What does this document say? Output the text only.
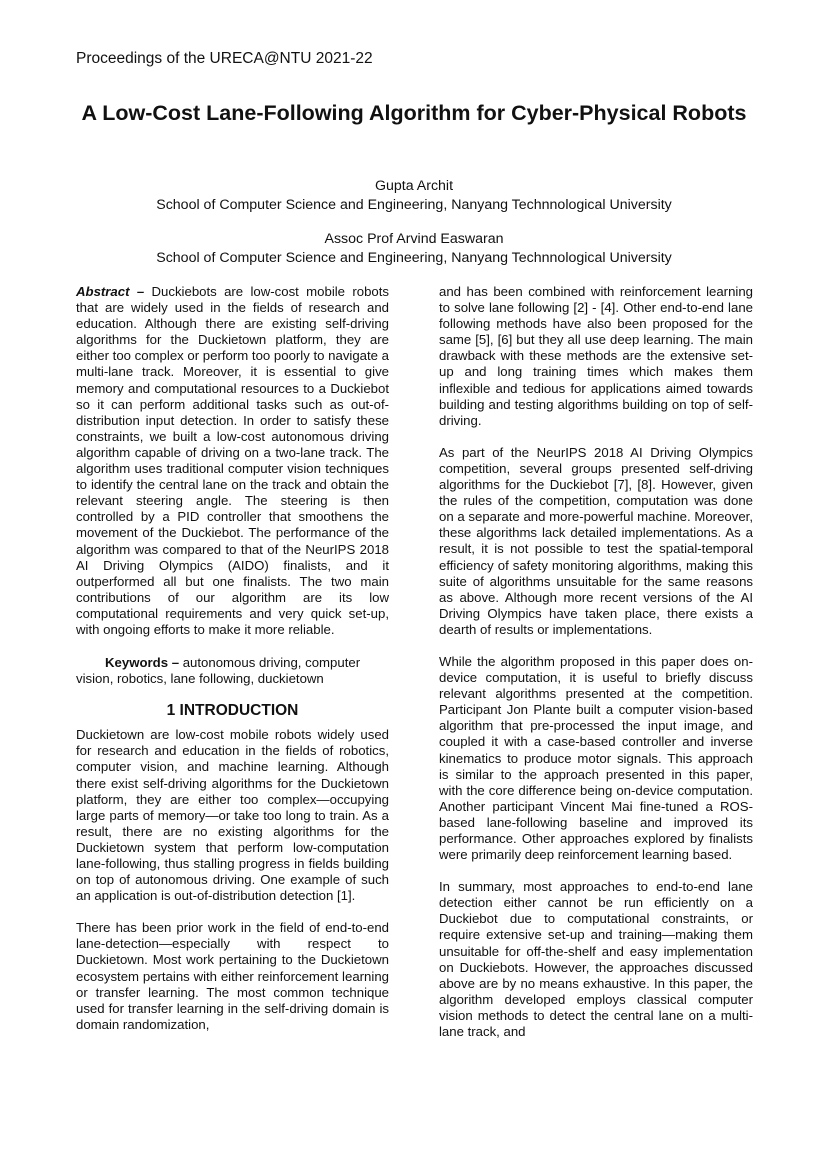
Proceedings of the URECA@NTU 2021-22
A Low-Cost Lane-Following Algorithm for Cyber-Physical Robots
Gupta Archit
School of Computer Science and Engineering, Nanyang Technnological University
Assoc Prof Arvind Easwaran
School of Computer Science and Engineering, Nanyang Technnological University

Abstract – Duckiebots are low-cost mobile robots that are widely used in the fields of research and education. Although there are existing self-driving algorithms for the Duckietown platform, they are either too complex or perform too poorly to navigate a multi-lane track. Moreover, it is essential to give memory and computational resources to a Duckiebot so it can perform additional tasks such as out-of-distribution input detection. In order to satisfy these constraints, we built a low-cost autonomous driving algorithm capable of driving on a two-lane track. The algorithm uses traditional computer vision techniques to identify the central lane on the track and obtain the relevant steering angle. The steering is then controlled by a PID controller that smoothens the movement of the Duckiebot. The performance of the algorithm was compared to that of the NeurIPS 2018 AI Driving Olympics (AIDO) finalists, and it outperformed all but one finalists. The two main contributions of our algorithm are its low computational requirements and very quick set-up, with ongoing efforts to make it more reliable.

Keywords – autonomous driving, computer vision, robotics, lane following, duckietown

1 INTRODUCTION

Duckietown are low-cost mobile robots widely used for research and education in the fields of robotics, computer vision, and machine learning. Although there exist self-driving algorithms for the Duckietown platform, they are either too complex—occupying large parts of memory—or take too long to train. As a result, there are no existing algorithms for the Duckietown system that perform low-computation lane-following, thus stalling progress in fields building on top of autonomous driving. One example of such an application is out-of-distribution detection [1].

There has been prior work in the field of end-to-end lane-detection—especially with respect to Duckietown. Most work pertaining to the Duckietown ecosystem pertains with either reinforcement learning or transfer learning. The most common technique used for transfer learning in the self-driving domain is domain randomization,

and has been combined with reinforcement learning to solve lane following [2] - [4]. Other end-to-end lane following methods have also been proposed for the same [5], [6] but they all use deep learning. The main drawback with these methods are the extensive set-up and long training times which makes them inflexible and tedious for applications aimed towards building and testing algorithms building on top of self-driving.

As part of the NeurIPS 2018 AI Driving Olympics competition, several groups presented self-driving algorithms for the Duckiebot [7], [8]. However, given the rules of the competition, computation was done on a separate and more-powerful machine. Moreover, these algorithms lack detailed implementations. As a result, it is not possible to test the spatial-temporal efficiency of safety monitoring algorithms, making this suite of algorithms unsuitable for the same reasons as above. Although more recent versions of the AI Driving Olympics have taken place, there exists a dearth of results or implementations.

While the algorithm proposed in this paper does on-device computation, it is useful to briefly discuss relevant algorithms presented at the competition. Participant Jon Plante built a computer vision-based algorithm that pre-processed the input image, and coupled it with a case-based controller and inverse kinematics to produce motor signals. This approach is similar to the approach presented in this paper, with the core difference being on-device computation. Another participant Vincent Mai fine-tuned a ROS-based lane-following baseline and improved its performance. Other approaches explored by finalists were primarily deep reinforcement learning based.

In summary, most approaches to end-to-end lane detection either cannot be run efficiently on a Duckiebot due to computational constraints, or require extensive set-up and training—making them unsuitable for off-the-shelf and easy implementation on Duckiebots. However, the approaches discussed above are by no means exhaustive. In this paper, the algorithm developed employs classical computer vision methods to detect the central lane on a multi-lane track, and
